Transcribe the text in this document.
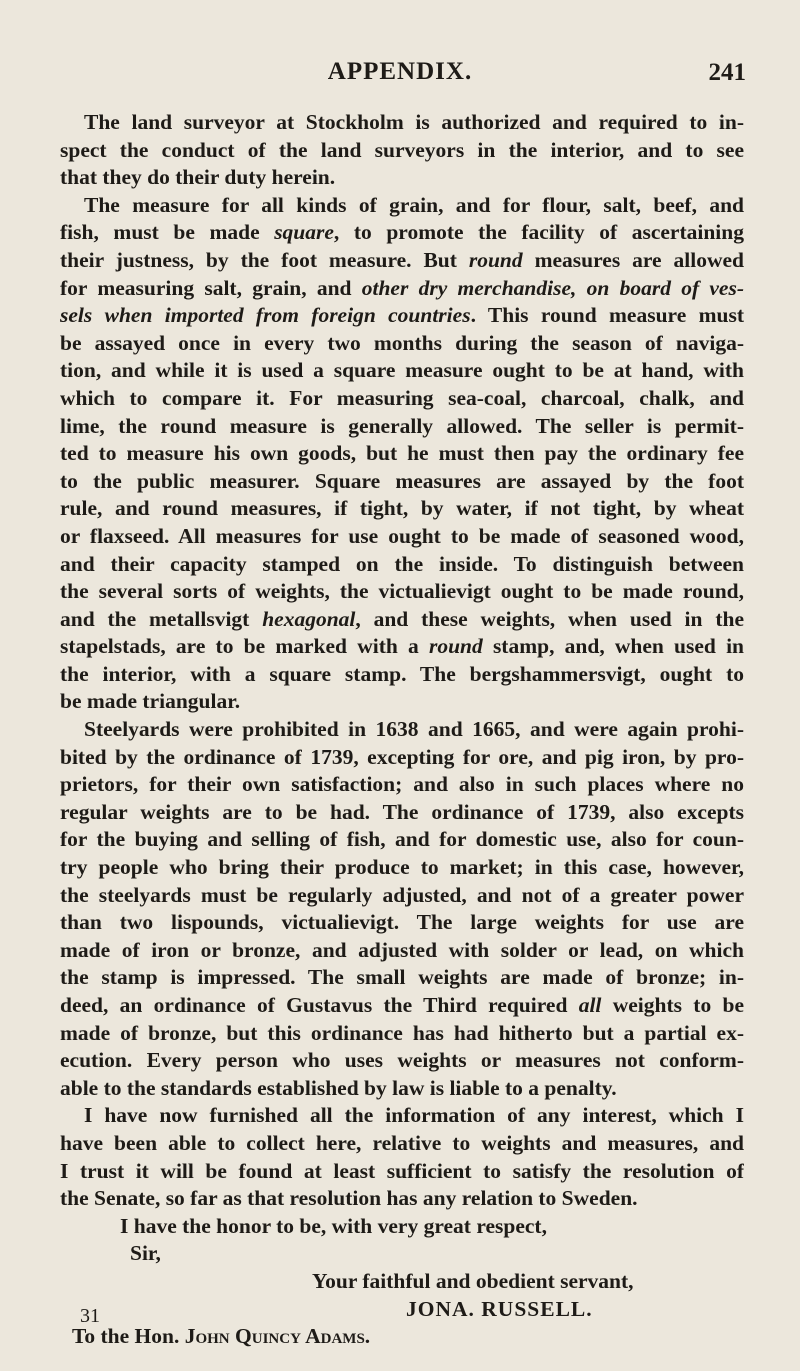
APPENDIX.	241
The land surveyor at Stockholm is authorized and required to in-
spect the conduct of the land surveyors in the interior, and to see
that they do their duty herein.
The measure for all kinds of grain, and for flour, salt, beef, and
fish, must be made square, to promote the facility of ascertaining
their justness, by the foot measure. But round measures are allowed
for measuring salt, grain, and other dry merchandise, on board of ves-
sels when imported from foreign countries. This round measure must
be assayed once in every two months during the season of naviga-
tion, and while it is used a square measure ought to be at hand, with
which to compare it. For measuring sea-coal, charcoal, chalk, and
lime, the round measure is generally allowed. The seller is permit-
ted to measure his own goods, but he must then pay the ordinary fee
to the public measurer. Square measures are assayed by the foot
rule, and round measures, if tight, by water, if not tight, by wheat
or flaxseed. All measures for use ought to be made of seasoned wood,
and their capacity stamped on the inside. To distinguish between
the several sorts of weights, the victualievigt ought to be made round,
and the metallsvigt hexagonal, and these weights, when used in the
stapelstads, are to be marked with a round stamp, and, when used in
the interior, with a square stamp. The bergshammersvigt, ought to
be made triangular.
Steelyards were prohibited in 1638 and 1665, and were again prohi-
bited by the ordinance of 1739, excepting for ore, and pig iron, by pro-
prietors, for their own satisfaction; and also in such places where no
regular weights are to be had. The ordinance of 1739, also excepts
for the buying and selling of fish, and for domestic use, also for coun-
try people who bring their produce to market; in this case, however,
the steelyards must be regularly adjusted, and not of a greater power
than two lispounds, victualievigt. The large weights for use are
made of iron or bronze, and adjusted with solder or lead, on which
the stamp is impressed. The small weights are made of bronze; in-
deed, an ordinance of Gustavus the Third required all weights to be
made of bronze, but this ordinance has had hitherto but a partial ex-
ecution. Every person who uses weights or measures not conform-
able to the standards established by law is liable to a penalty.
I have now furnished all the information of any interest, which I
have been able to collect here, relative to weights and measures, and
I trust it will be found at least sufficient to satisfy the resolution of
the Senate, so far as that resolution has any relation to Sweden.
I have the honor to be, with very great respect,
Sir,
Your faithful and obedient servant,
JONA. RUSSELL.
To the Hon. John Quincy Adams.
31
